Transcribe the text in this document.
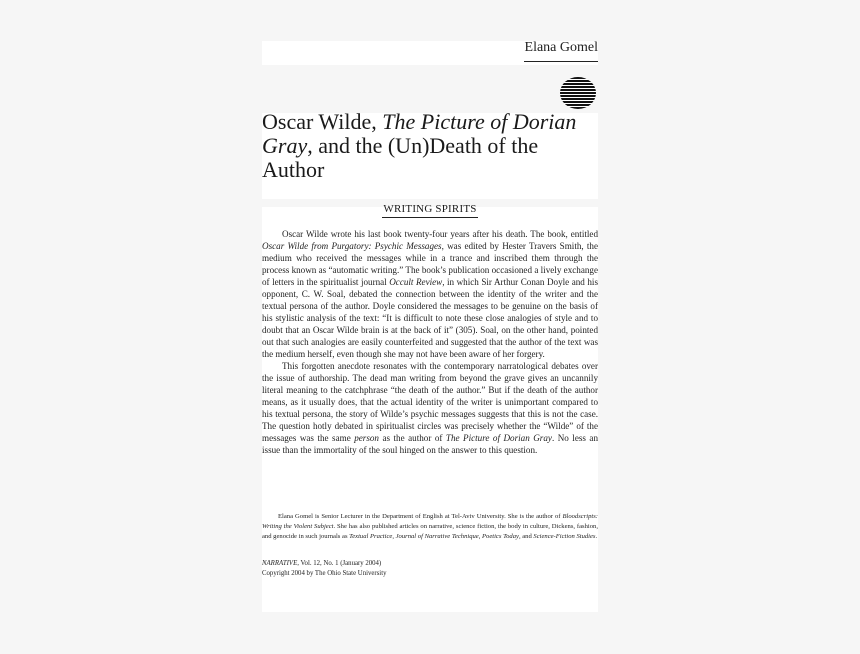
Elana Gomel
Oscar Wilde, The Picture of Dorian Gray, and the (Un)Death of the Author
WRITING SPIRITS

Oscar Wilde wrote his last book twenty-four years after his death. The book, entitled Oscar Wilde from Purgatory: Psychic Messages, was edited by Hester Travers Smith, the medium who received the messages while in a trance and inscribed them through the process known as “automatic writing.” The book’s publication occasioned a lively exchange of letters in the spiritualist journal Occult Review, in which Sir Arthur Conan Doyle and his opponent, C. W. Soal, debated the connection between the identity of the writer and the textual persona of the author. Doyle considered the messages to be genuine on the basis of his stylistic analysis of the text: “It is difficult to note these close analogies of style and to doubt that an Oscar Wilde brain is at the back of it” (305). Soal, on the other hand, pointed out that such analogies are easily counterfeited and suggested that the author of the text was the medium herself, even though she may not have been aware of her forgery.

This forgotten anecdote resonates with the contemporary narratological debates over the issue of authorship. The dead man writing from beyond the grave gives an uncannily literal meaning to the catchphrase “the death of the author.” But if the death of the author means, as it usually does, that the actual identity of the writer is unimportant compared to his textual persona, the story of Wilde’s psychic messages suggests that this is not the case. The question hotly debated in spiritualist circles was precisely whether the “Wilde” of the messages was the same person as the author of The Picture of Dorian Gray. No less an issue than the immortality of the soul hinged on the answer to this question.

Elana Gomel is Senior Lecturer in the Department of English at Tel-Aviv University. She is the author of Bloodscripts: Writing the Violent Subject. She has also published articles on narrative, science fiction, the body in culture, Dickens, fashion, and genocide in such journals as Textual Practice, Journal of Narrative Technique, Poetics Today, and Science-Fiction Studies.

NARRATIVE, Vol. 12, No. 1 (January 2004)
Copyright 2004 by The Ohio State University
